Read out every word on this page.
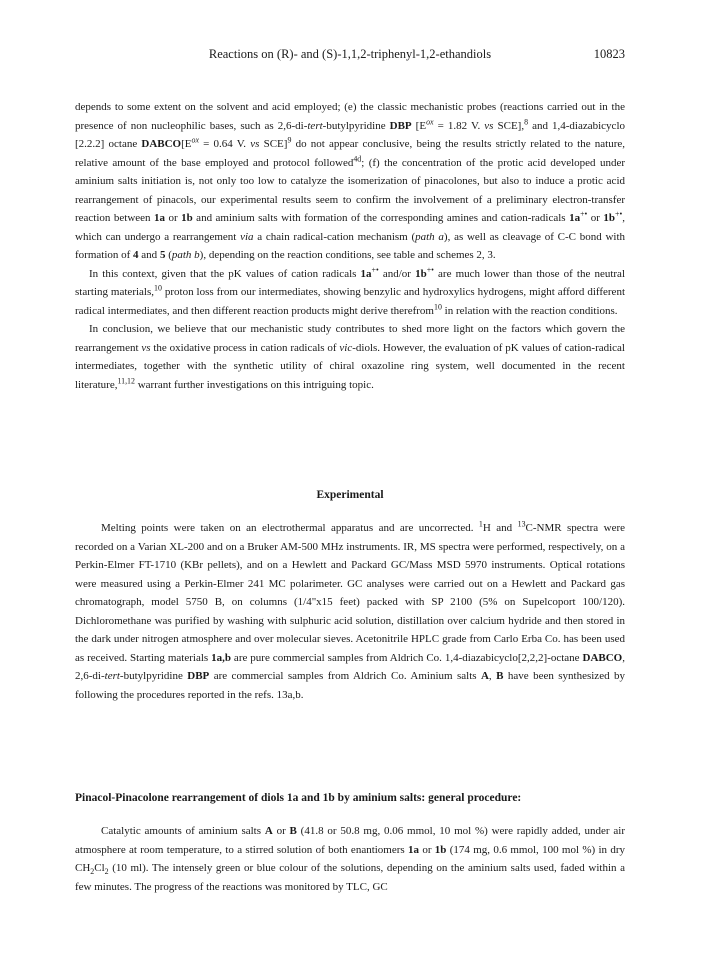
Reactions on (R)- and (S)-1,1,2-triphenyl-1,2-ethandiols	10823

depends to some extent on the solvent and acid employed; (e) the classic mechanistic probes (reactions carried out in the presence of non nucleophilic bases, such as 2,6-di-tert-butylpyridine DBP [$E^{ox} = 1.82$ V. vs SCE],$^8$ and 1,4-diazabicyclo [2.2.2] octane $DABCO[E^{ox} = 0.64$ V. vs SCE]$^9$ do not appear conclusive, being the results strictly related to the nature, relative amount of the base employed and protocol followed$^{4d}$; (f) the concentration of the protic acid developed under aminium salts initiation is, not only too low to catalyze the isomerization of pinacolones, but also to induce a protic acid rearrangement of pinacols, our experimental results seem to confirm the involvement of a preliminary electron-transfer reaction between 1a or 1b and aminium salts with formation of the corresponding amines and cation-radicals 1a+• or 1b+•, which can undergo a rearrangement via a chain radical-cation mechanism (path a), as well as cleavage of C-C bond with formation of 4 and 5 (path b), depending on the reaction conditions, see table and schemes 2, 3.

In this context, given that the pK values of cation radicals 1a+• and/or 1b+• are much lower than those of the neutral starting materials,$^{10}$ proton loss from our intermediates, showing benzylic and hydroxylics hydrogens, might afford different radical intermediates, and then different reaction products might derive therefrom$^{10}$ in relation with the reaction conditions.

In conclusion, we believe that our mechanistic study contributes to shed more light on the factors which govern the rearrangement vs the oxidative process in cation radicals of vic-diols. However, the evaluation of pK values of cation-radical intermediates, together with the synthetic utility of chiral oxazoline ring system, well documented in the recent literature,$^{11,12}$ warrant further investigations on this intriguing topic.

Experimental

Melting points were taken on an electrothermal apparatus and are uncorrected. $^1$H and $^{13}$C-NMR spectra were recorded on a Varian XL-200 and on a Bruker AM-500 MHz instruments. IR, MS spectra were performed, respectively, on a Perkin-Elmer FT-1710 (KBr pellets), and on a Hewlett and Packard GC/Mass MSD 5970 instruments. Optical rotations were measured using a Perkin-Elmer 241 MC polarimeter. GC analyses were carried out on a Hewlett and Packard gas chromatograph, model 5750 B, on columns (1/4"x15 feet) packed with SP 2100 (5% on Supelcoport 100/120). Dichloromethane was purified by washing with sulphuric acid solution, distillation over calcium hydride and then stored in the dark under nitrogen atmosphere and over molecular sieves. Acetonitrile HPLC grade from Carlo Erba Co. has been used as received. Starting materials 1a,b are pure commercial samples from Aldrich Co. 1,4-diazabicyclo[2,2,2]-octane DABCO, 2,6-di-tert-butylpyridine DBP are commercial samples from Aldrich Co. Aminium salts A, B have been synthesized by following the procedures reported in the refs. 13a,b.

Pinacol-Pinacolone rearrangement of diols 1a and 1b by aminium salts: general procedure:

Catalytic amounts of aminium salts A or B (41.8 or 50.8 mg, 0.06 mmol, 10 mol %) were rapidly added, under air atmosphere at room temperature, to a stirred solution of both enantiomers 1a or 1b (174 mg, 0.6 mmol, 100 mol %) in dry $CH_2Cl_2$ (10 ml). The intensely green or blue colour of the solutions, depending on the aminium salts used, faded within a few minutes. The progress of the reactions was monitored by TLC, GC
